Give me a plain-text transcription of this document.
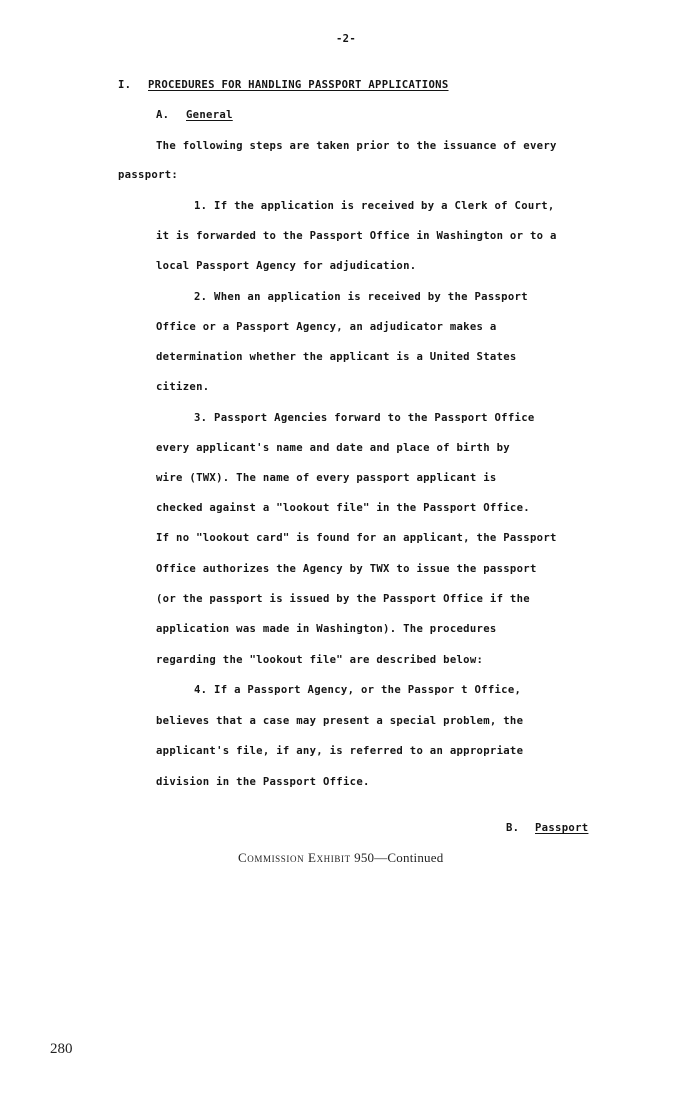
-2-
I. PROCEDURES FOR HANDLING PASSPORT APPLICATIONS
A. General
The following steps are taken prior to the issuance of every
passport:
1. If the application is received by a Clerk of Court,
it is forwarded to the Passport Office in Washington or to a
local Passport Agency for adjudication.
2. When an application is received by the Passport
Office or a Passport Agency, an adjudicator makes a
determination whether the applicant is a United States
citizen.
3. Passport Agencies forward to the Passport Office
every applicant's name and date and place of birth by
wire (TWX). The name of every passport applicant is
checked against a "lookout file" in the Passport Office.
If no "lookout card" is found for an applicant, the Passport
Office authorizes the Agency by TWX to issue the passport
(or the passport is issued by the Passport Office if the
application was made in Washington). The procedures
regarding the "lookout file" are described below:
4. If a Passport Agency, or the Passpor t Office,
believes that a case may present a special problem, the
applicant's file, if any, is referred to an appropriate
division in the Passport Office.
B. Passport
Commission Exhibit 950—Continued
280
